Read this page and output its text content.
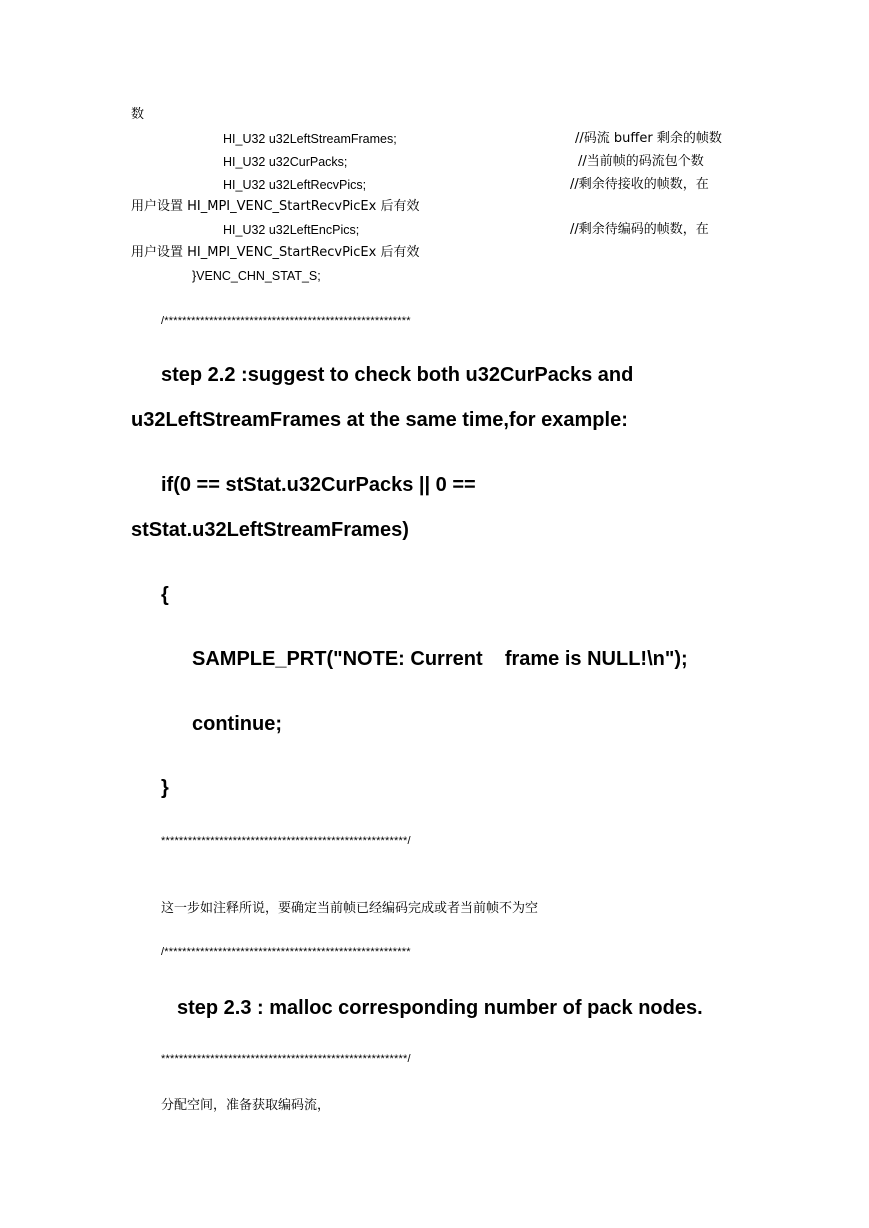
数
HI_U32 u32LeftStreamFrames;	//码流 buffer 剩余的帧数
HI_U32 u32CurPacks;	//当前帧的码流包个数
HI_U32 u32LeftRecvPics;	//剩余待接收的帧数，在
用户设置 HI_MPI_VENC_StartRecvPicEx 后有效
HI_U32 u32LeftEncPics;	//剩余待编码的帧数，在
用户设置 HI_MPI_VENC_StartRecvPicEx 后有效
}VENC_CHN_STAT_S;
/*******************************************************
step 2.2 :suggest to check both u32CurPacks and
u32LeftStreamFrames at the same time,for example:
if(0 == stStat.u32CurPacks || 0 ==
stStat.u32LeftStreamFrames)
{
SAMPLE_PRT("NOTE: Current    frame is NULL!\n");
continue;
}
*******************************************************/
这一步如注释所说，要确定当前帧已经编码完成或者当前帧不为空
/*******************************************************
step 2.3 : malloc corresponding number of pack nodes.
*******************************************************/
分配空间，准备获取编码流，
